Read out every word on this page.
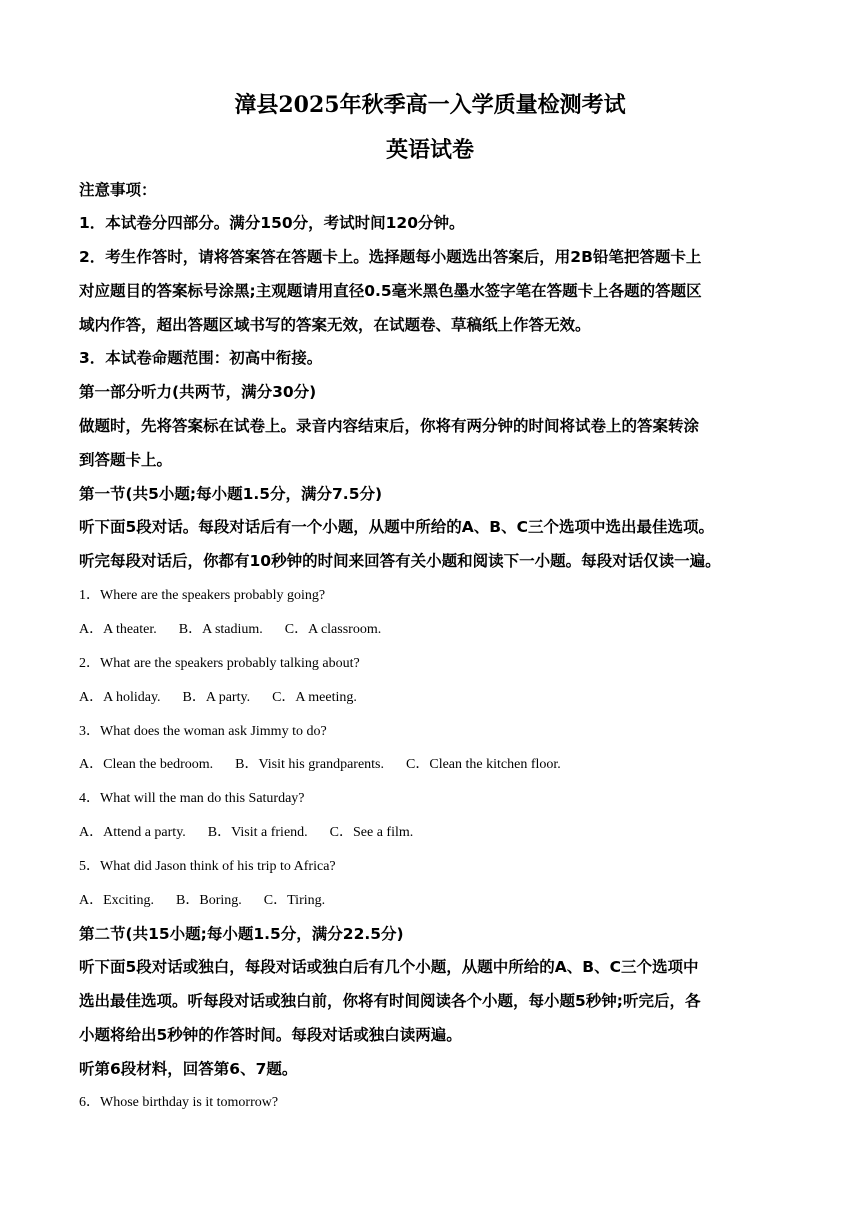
漳县2025年秋季高一入学质量检测考试
英语试卷
注意事项：
1．本试卷分四部分。满分150分，考试时间120分钟。
2．考生作答时，请将答案答在答题卡上。选择题每小题选出答案后，用2B铅笔把答题卡上
对应题目的答案标号涂黑;主观题请用直径0.5毫米黑色墨水签字笔在答题卡上各题的答题区
域内作答，超出答题区域书写的答案无效，在试题卷、草稿纸上作答无效。
3．本试卷命题范围：初高中衔接。
第一部分听力(共两节，满分30分)
做题时，先将答案标在试卷上。录音内容结束后，你将有两分钟的时间将试卷上的答案转涂
到答题卡上。
第一节(共5小题;每小题1.5分，满分7.5分)
听下面5段对话。每段对话后有一个小题，从题中所给的A、B、C三个选项中选出最佳选项。
听完每段对话后，你都有10秒钟的时间来回答有关小题和阅读下一小题。每段对话仅读一遍。
1．Where are the speakers probably going?
A．A theater. B．A stadium. C．A classroom.
2．What are the speakers probably talking about?
A．A holiday. B．A party. C．A meeting.
3．What does the woman ask Jimmy to do?
A．Clean the bedroom. B．Visit his grandparents. C．Clean the kitchen floor.
4．What will the man do this Saturday?
A．Attend a party. B．Visit a friend. C．See a film.
5．What did Jason think of his trip to Africa?
A．Exciting. B．Boring. C．Tiring.
第二节(共15小题;每小题1.5分，满分22.5分)
听下面5段对话或独白，每段对话或独白后有几个小题，从题中所给的A、B、C三个选项中
选出最佳选项。听每段对话或独白前，你将有时间阅读各个小题，每小题5秒钟;听完后，各
小题将给出5秒钟的作答时间。每段对话或独白读两遍。
听第6段材料，回答第6、7题。
6．Whose birthday is it tomorrow?
